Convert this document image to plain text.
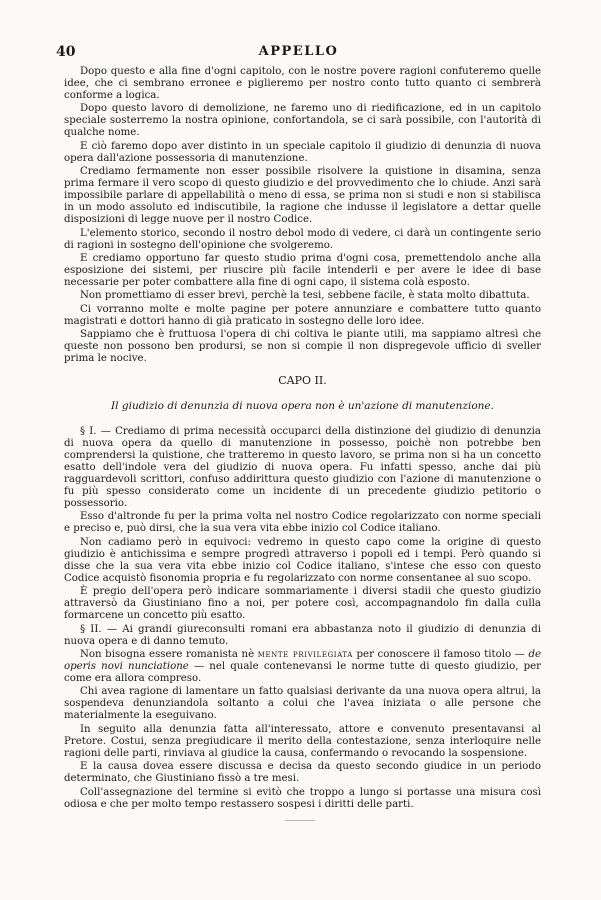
40	APPELLO

Dopo questo e alla fine d'ogni capitolo, con le nostre povere ragioni confuteremo quelle idee, che ci sembrano erronee e piglieremo per nostro conto tutto quanto ci sembrerà conforme a logica.

Dopo questo lavoro di demolizione, ne faremo uno di riedificazione, ed in un capitolo speciale sosterremo la nostra opinione, confortandola, se ci sarà possibile, con l'autorità di qualche nome.

E ciò faremo dopo aver distinto in un speciale capitolo il giudizio di denunzia di nuova opera dall'azione possessoria di manutenzione.

Crediamo fermamente non esser possibile risolvere la quistione in disamina, senza prima fermare il vero scopo di questo giudizio e del provvedimento che lo chiude. Anzi sarà impossibile parlare di appellabilità o meno di essa, se prima non si studi e non si stabilisca in un modo assoluto ed indiscutibile, la ragione che indusse il legislatore a dettar quelle disposizioni di legge nuove per il nostro Codice.

L'elemento storico, secondo il nostro debol modo di vedere, ci darà un contingente serio di ragioni in sostegno dell'opinione che svolgeremo.

E crediamo opportuno far questo studio prima d'ogni cosa, premettendolo anche alla esposizione dei sistemi, per riuscire più facile intenderli e per avere le idee di base necessarie per poter combattere alla fine di ogni capo, il sistema colà esposto.

Non promettiamo di esser brevi, perchè la tesi, sebbene facile, è stata molto dibattuta.

Ci vorranno molte e molte pagine per potere annunziare e combattere tutto quanto magistrati e dottori hanno di già praticato in sostegno delle loro idee.

Sappiamo che è fruttuosa l'opera di chi coltiva le piante utili, ma sappiamo altresì che queste non possono ben prodursi, se non si compie il non dispregevole ufficio di sveller prima le nocive.

CAPO II.
Il giudizio di denunzia di nuova opera non è un'azione di manutenzione.

§ I. — Crediamo di prima necessità occuparci della distinzione del giudizio di denunzia di nuova opera da quello di manutenzione in possesso, poichè non potrebbe ben comprendersi la quistione, che tratteremo in questo lavoro, se prima non si ha un concetto esatto dell'indole vera del giudizio di nuova opera. Fu infatti spesso, anche dai più ragguardevoli scrittori, confuso addirittura questo giudizio con l'azione di manutenzione o fu più spesso considerato come un incidente di un precedente giudizio petitorio o possessorio.

Esso d'altronde fu per la prima volta nel nostro Codice regolarizzato con norme speciali e preciso e, può dirsi, che la sua vera vita ebbe inizio col Codice italiano.

Non cadiamo però in equivoci: vedremo in questo capo come la origine di questo giudizio è antichissima e sempre progredì attraverso i popoli ed i tempi. Però quando si disse che la sua vera vita ebbe inizio col Codice italiano, s'intese che esso con questo Codice acquistò fisonomia propria e fu regolarizzato con norme consentanee al suo scopo.

È pregio dell'opera però indicare sommariamente i diversi stadii che questo giudizio attraversò da Giustiniano fino a noi, per potere così, accompagnandolo fin dalla culla formarcene un concetto più esatto.

§ II. — Ai grandi giureconsulti romani era abbastanza noto il giudizio di denunzia di nuova opera e di danno temuto.

Non bisogna essere romanista nè mente privilegiata per conoscere il famoso titolo — de operis novi nunciatione — nel quale contenevansi le norme tutte di questo giudizio, per come era allora compreso.

Chi avea ragione di lamentare un fatto qualsiasi derivante da una nuova opera altrui, la sospendeva denunziandola soltanto a colui che l'avea iniziata o alle persone che materialmente la eseguivano.

In seguito alla denunzia fatta all'interessato, attore e convenuto presentavansi al Pretore. Costui, senza pregiudicare il merito della contestazione, senza interloquire nelle ragioni delle parti, rinviava al giudice la causa, confermando o revocando la sospensione.

E la causa dovea essere discussa e decisa da questo secondo giudice in un periodo determinato, che Giustiniano fissò a tre mesi.

Coll'assegnazione del termine si evitò che troppo a lungo si portasse una misura così odiosa e che per molto tempo restassero sospesi i diritti delle parti.
